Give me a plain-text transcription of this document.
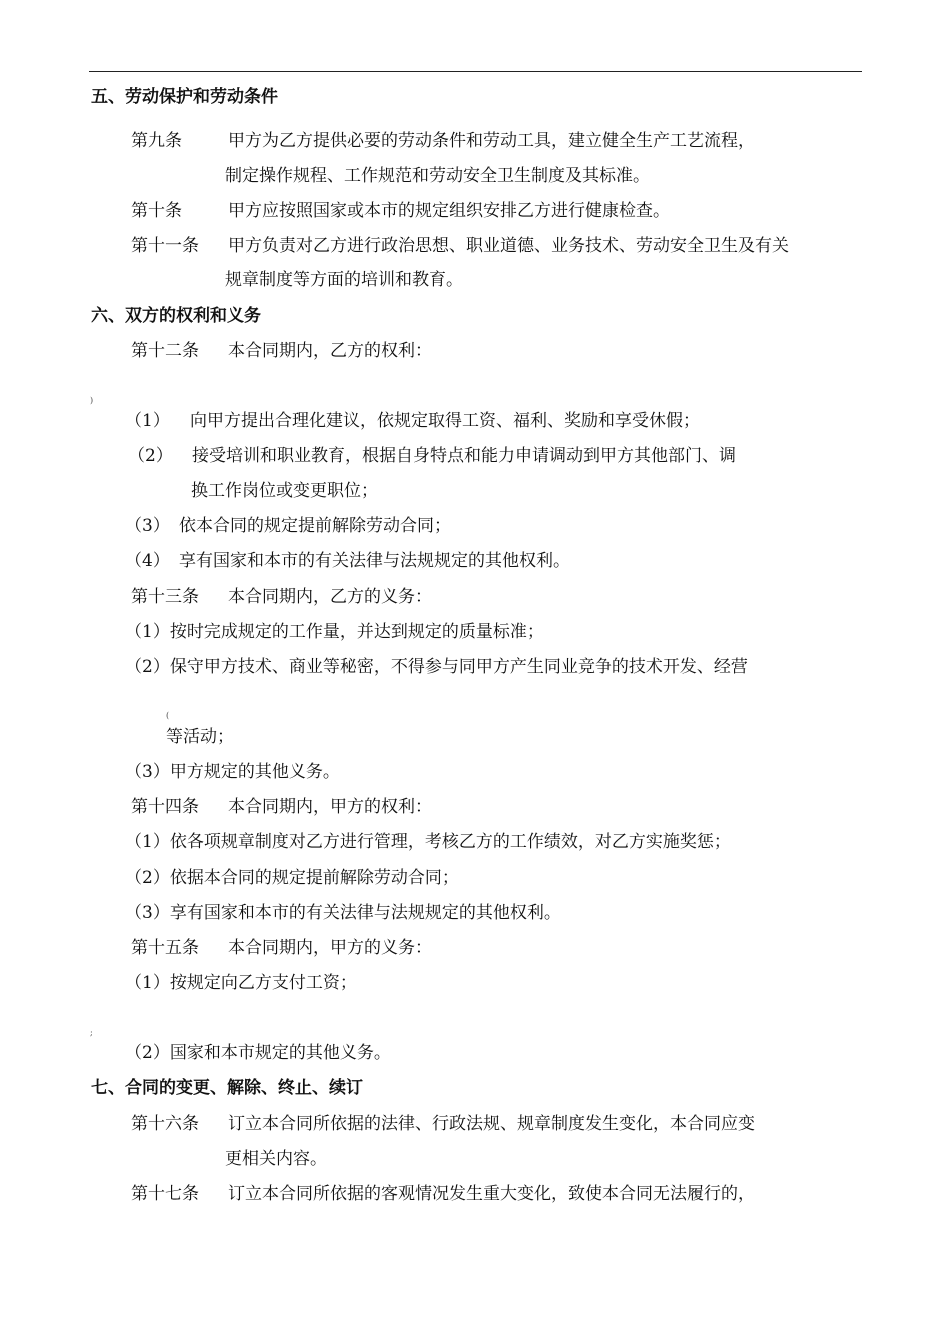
五、劳动保护和劳动条件
第九条	甲方为乙方提供必要的劳动条件和劳动工具，建立健全生产工艺流程，
制定操作规程、工作规范和劳动安全卫生制度及其标准。
第十条	甲方应按照国家或本市的规定组织安排乙方进行健康检查。
第十一条 甲方负责对乙方进行政治思想、职业道德、业务技术、劳动安全卫生及有关
规章制度等方面的培训和教育。
六、双方的权利和义务
第十二条 本合同期内，乙方的权利：
)
（1） 向甲方提出合理化建议，依规定取得工资、福利、奖励和享受休假；
（2） 接受培训和职业教育，根据自身特点和能力申请调动到甲方其他部门、调
换工作岗位或变更职位；
（3） 依本合同的规定提前解除劳动合同；
（4） 享有国家和本市的有关法律与法规规定的其他权利。
第十三条 本合同期内，乙方的义务：
（1）按时完成规定的工作量，并达到规定的质量标准；
（2）保守甲方技术、商业等秘密，不得参与同甲方产生同业竞争的技术开发、经营
(
等活动；
（3）甲方规定的其他义务。
第十四条 本合同期内，甲方的权利：
（1）依各项规章制度对乙方进行管理，考核乙方的工作绩效，对乙方实施奖惩；
（2）依据本合同的规定提前解除劳动合同；
（3）享有国家和本市的有关法律与法规规定的其他权利。
第十五条 本合同期内，甲方的义务：
（1）按规定向乙方支付工资；
;
（2）国家和本市规定的其他义务。
七、合同的变更、解除、终止、续订
第十六条 订立本合同所依据的法律、行政法规、规章制度发生变化，本合同应变
更相关内容。
第十七条 订立本合同所依据的客观情况发生重大变化，致使本合同无法履行的，
